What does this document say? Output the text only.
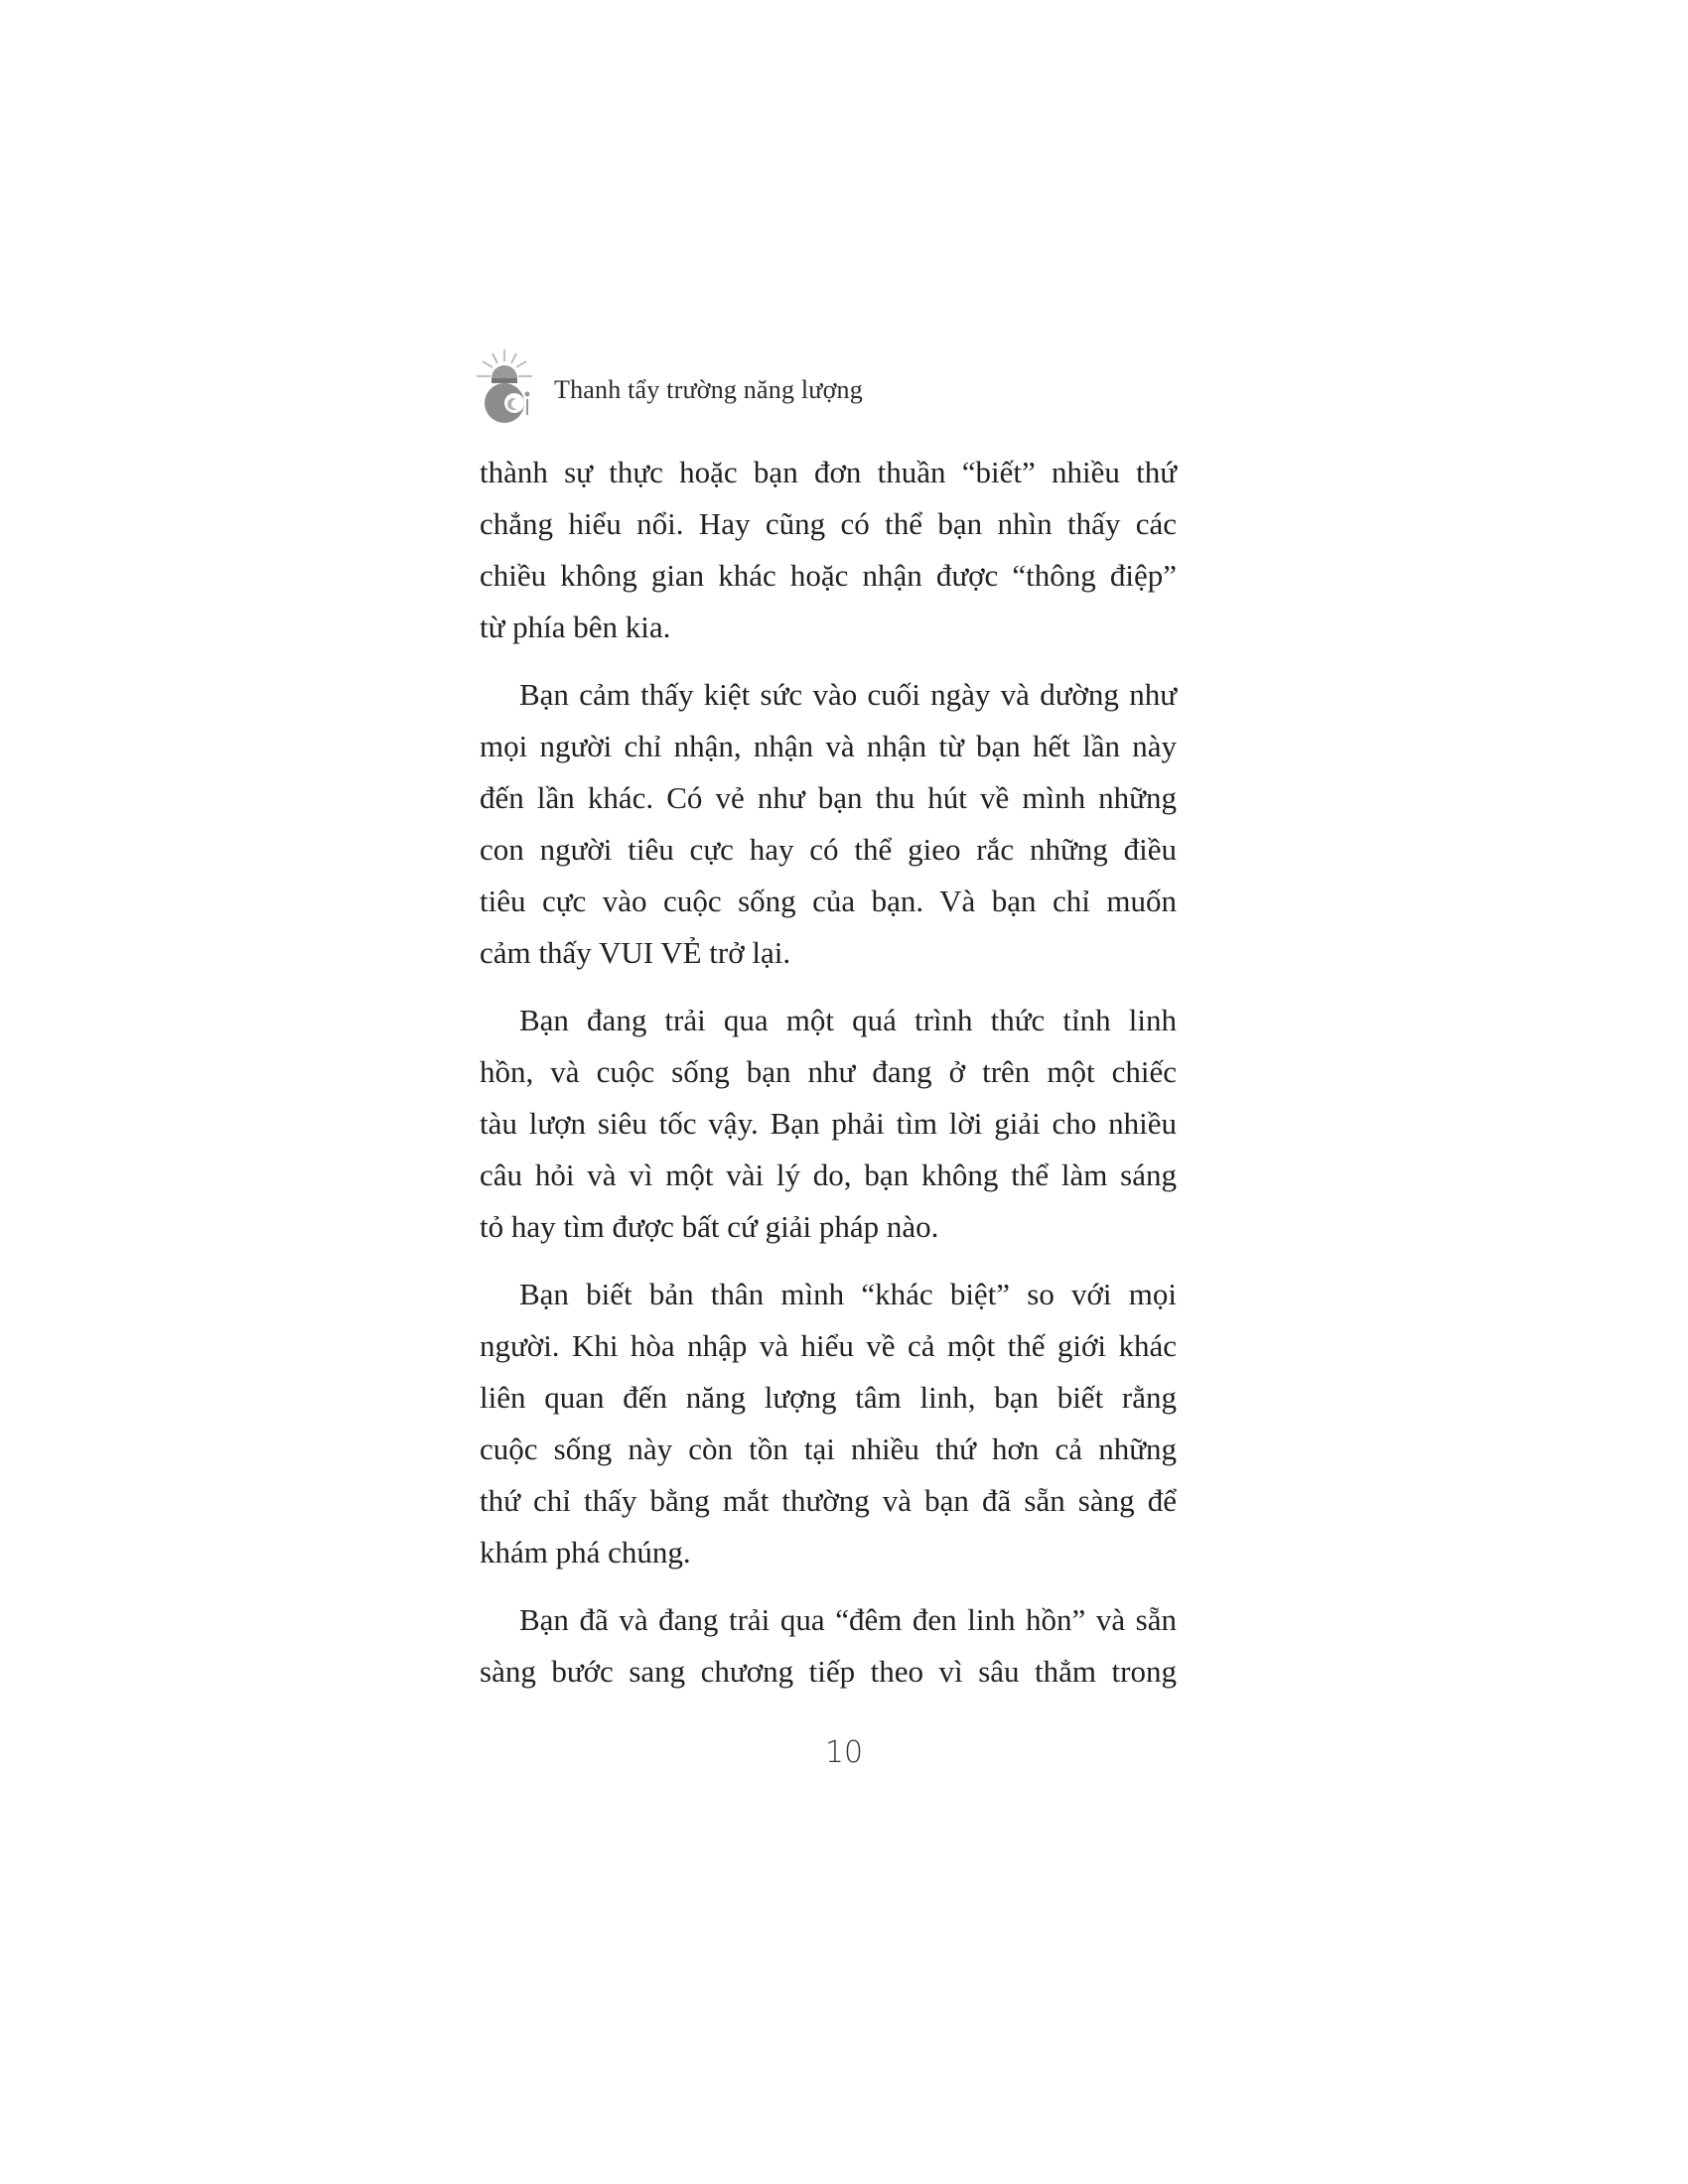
Thanh tẩy trường năng lượng
thành sự thực hoặc bạn đơn thuần “biết” nhiều thứ
chẳng hiểu nổi. Hay cũng có thể bạn nhìn thấy các
chiều không gian khác hoặc nhận được “thông điệp”
từ phía bên kia.
Bạn cảm thấy kiệt sức vào cuối ngày và dường như
mọi người chỉ nhận, nhận và nhận từ bạn hết lần này
đến lần khác. Có vẻ như bạn thu hút về mình những
con người tiêu cực hay có thể gieo rắc những điều
tiêu cực vào cuộc sống của bạn. Và bạn chỉ muốn
cảm thấy VUI VẺ trở lại.
Bạn đang trải qua một quá trình thức tỉnh linh
hồn, và cuộc sống bạn như đang ở trên một chiếc
tàu lượn siêu tốc vậy. Bạn phải tìm lời giải cho nhiều
câu hỏi và vì một vài lý do, bạn không thể làm sáng
tỏ hay tìm được bất cứ giải pháp nào.
Bạn biết bản thân mình “khác biệt” so với mọi
người. Khi hòa nhập và hiểu về cả một thế giới khác
liên quan đến năng lượng tâm linh, bạn biết rằng
cuộc sống này còn tồn tại nhiều thứ hơn cả những
thứ chỉ thấy bằng mắt thường và bạn đã sẵn sàng để
khám phá chúng.
Bạn đã và đang trải qua “đêm đen linh hồn” và sẵn
sàng bước sang chương tiếp theo vì sâu thẳm trong
10
